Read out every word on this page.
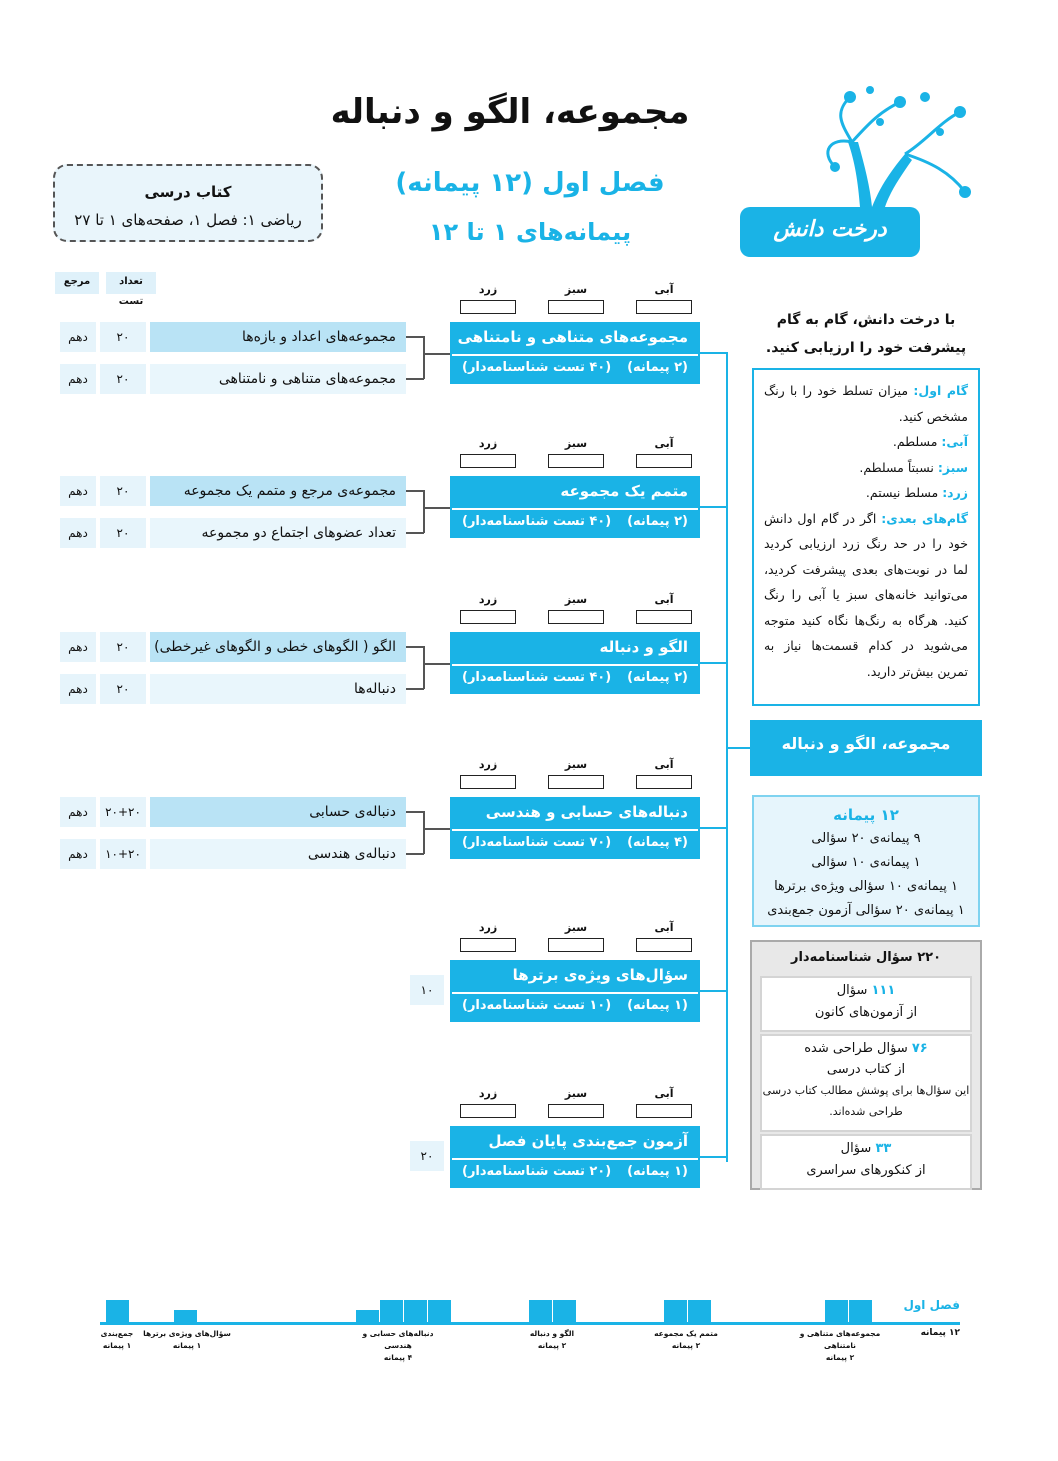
مجموعه، الگو و دنباله
فصل اول (۱۲ پیمانه)
پیمانه‌های ۱ تا ۱۲	درخت دانش
کتاب درسی
ریاضی ۱: فصل ۱، صفحه‌های ۱ تا ۲۷
مرجع	تعداد تست
آبی
سبز
زرد
مجموعه‌های متناهی و نامتناهی
(۲ پیمانه)
(۴۰ تست شناسنامه‌دار)
دهم	۲۰	مجموعه‌های اعداد و بازه‌ها
دهم	۲۰	مجموعه‌های متناهی و نامتناهی
آبی
سبز
زرد
متمم یک مجموعه
(۲ پیمانه)
(۴۰ تست شناسنامه‌دار)
دهم	۲۰	مجموعه‌ی مرجع و متمم یک مجموعه
دهم	۲۰	تعداد عضوهای اجتماع دو مجموعه
آبی
سبز
زرد
الگو و دنباله
(۲ پیمانه)
(۴۰ تست شناسنامه‌دار)
دهم	۲۰	الگو ( الگوهای خطی و الگوهای غیرخطی)
دهم	۲۰	دنباله‌ها
آبی
سبز
زرد
دنباله‌های حسابی و هندسی
(۴ پیمانه)
(۷۰ تست شناسنامه‌دار)
دهم	۲۰+۲۰	دنباله‌ی حسابی
دهم	۱۰+۲۰	دنباله‌ی هندسی
آبی
سبز
زرد
سؤال‌های ویژه‌ی برترها
(۱ پیمانه)
(۱۰ تست شناسنامه‌دار)
۱۰
آبی
سبز
زرد
آزمون جمع‌بندی پایان فصل
(۱ پیمانه)
(۲۰ تست شناسنامه‌دار)
۲۰
با درخت دانش، گام به گام پیشرفت خود را ارزیابی کنید.
گام اول: میزان تسلط خود را با رنگ مشخص کنید.
آبی: مسلطم.
سبز: نسبتاً مسلطم.
زرد: مسلط نیستم.
گام‌های بعدی: اگر در گام اول دانش خود را در حد رنگ زرد ارزیابی کردید لما در نوبت‌های بعدی پیشرفت کردید، می‌توانید خانه‌های سبز یا آبی را رنگ کنید. هرگاه به رنگ‌ها نگاه کنید متوجه می‌شوید در کدام قسمت‌ها نیاز به تمرین بیش‌تر دارید.
مجموعه، الگو و دنباله
۱۲ پیمانه
۹ پیمانه‌ی ۲۰ سؤالی
۱ پیمانه‌ی ۱۰ سؤالی
۱ پیمانه‌ی ۱۰ سؤالی ویژه‌ی برترها
۱ پیمانه‌ی ۲۰ سؤالی آزمون جمع‌بندی
۲۲۰ سؤال شناسنامه‌دار
۱۱۱ سؤال
از آزمون‌های کانون
۷۶ سؤال طراحی شده
از کتاب درسی
این سؤال‌ها برای پوشش مطالب کتاب درسی طراحی شده‌اند.
۳۳ سؤال
از کنکورهای سراسری
فصل اول
۱۲ پیمانه
مجموعه‌های متناهی و نامتناهی
۲ پیمانه
متمم یک مجموعه
۲ پیمانه
الگو و دنباله
۲ پیمانه
دنباله‌های حسابی و هندسی
۴ پیمانه
سؤال‌های ویژه‌ی برترها
۱ پیمانه
جمع‌بندی
۱ پیمانه
